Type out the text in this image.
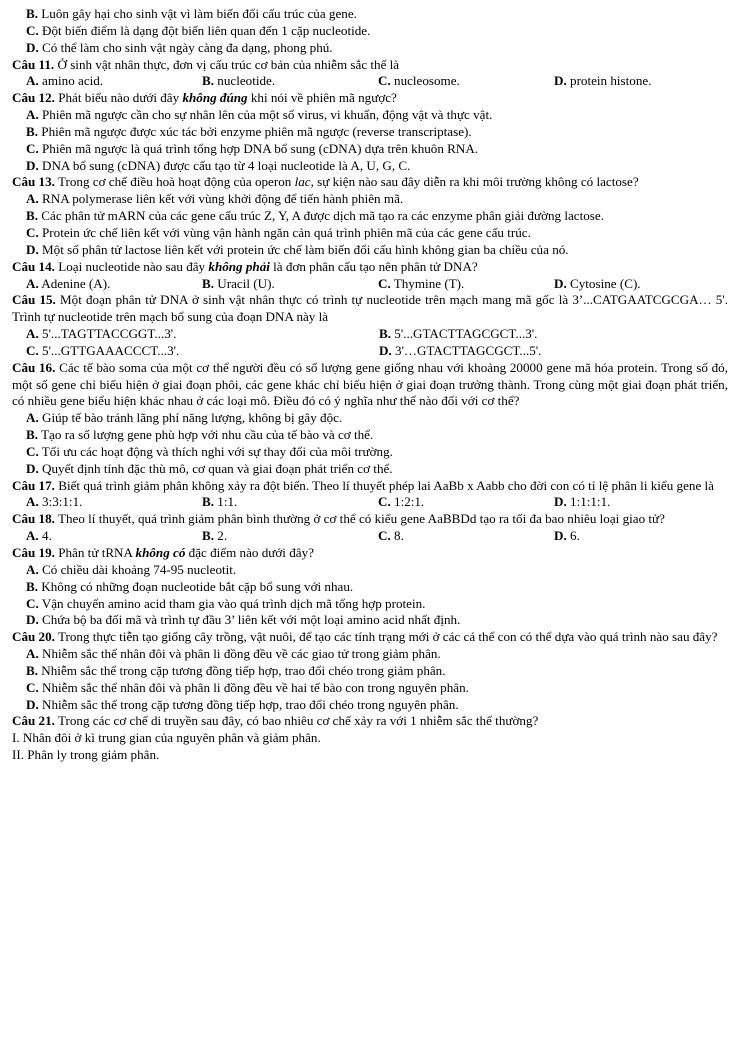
B. Luôn gây hại cho sinh vật vì làm biến đổi cấu trúc của gene.
C. Đột biến điểm là dạng đột biến liên quan đến 1 cặp nucleotide.
D. Có thể làm cho sinh vật ngày càng đa dạng, phong phú.
Câu 11. Ở sinh vật nhân thực, đơn vị cấu trúc cơ bản của nhiễm sắc thể là
A. amino acid.	B. nucleotide.	C. nucleosome.	D. protein histone.
Câu 12. Phát biểu nào dưới đây không đúng khi nói về phiên mã ngược?
A. Phiên mã ngược cần cho sự nhân lên của một số virus, vi khuẩn, động vật và thực vật.
B. Phiên mã ngược được xúc tác bởi enzyme phiên mã ngược (reverse transcriptase).
C. Phiên mã ngược là quá trình tổng hợp DNA bổ sung (cDNA) dựa trên khuôn RNA.
D. DNA bổ sung (cDNA) được cấu tạo từ 4 loại nucleotide là A, U, G, C.
Câu 13. Trong cơ chế điều hoà hoạt động của operon lac, sự kiện nào sau đây diễn ra khi môi trường không có lactose?
A. RNA polymerase liên kết với vùng khởi động để tiến hành phiên mã.
B. Các phân tử mARN của các gene cấu trúc Z, Y, A được dịch mã tạo ra các enzyme phân giải đường lactose.
C. Protein ức chế liên kết với vùng vận hành ngăn cản quá trình phiên mã của các gene cấu trúc.
D. Một số phân tử lactose liên kết với protein ức chế làm biến đổi cấu hình không gian ba chiều của nó.
Câu 14. Loại nucleotide nào sau đây không phải là đơn phân cấu tạo nên phân tử DNA?
A. Adenine (A).	B. Uracil (U).	C. Thymine (T).	D. Cytosine (C).
Câu 15. Một đoạn phân tử DNA ở sinh vật nhân thực có trình tự nucleotide trên mạch mang mã gốc là 3’...CATGAATCGCGA… 5'. Trình tự nucleotide trên mạch bổ sung của đoạn DNA này là
A. 5'...TAGTTACCGGT...3'.	B. 5'...GTACTTAGCGCT...3'.
C. 5'...GTTGAAACCCT...3'.	D. 3'…GTACTTAGCGCT...5'.
Câu 16. Các tế bào soma của một cơ thể người đều có số lượng gene giống nhau với khoảng 20000 gene mã hóa protein. Trong số đó, một số gene chỉ biểu hiện ở giai đoạn phôi, các gene khác chỉ biểu hiện ở giai đoạn trưởng thành. Trong cùng một giai đoạn phát triển, có nhiều gene biểu hiện khác nhau ở các loại mô. Điều đó có ý nghĩa như thế nào đối với cơ thể?
A. Giúp tế bào tránh lãng phí năng lượng, không bị gây độc.
B. Tạo ra số lượng gene phù hợp với nhu cầu của tế bào và cơ thể.
C. Tối ưu các hoạt động và thích nghi với sự thay đổi của môi trường.
D. Quyết định tính đặc thù mô, cơ quan và giai đoạn phát triển cơ thể.
Câu 17. Biết quá trình giảm phân không xảy ra đột biến. Theo lí thuyết phép lai AaBb x Aabb cho đời con có tỉ lệ phân li kiểu gene là
A. 3:3:1:1.	B. 1:1.	C. 1:2:1.	D. 1:1:1:1.
Câu 18. Theo lí thuyết, quá trình giảm phân bình thường ở cơ thể có kiểu gene AaBBDd tạo ra tối đa bao nhiêu loại giao tử?
A. 4.	B. 2.	C. 8.	D. 6.
Câu 19. Phân tử tRNA không có đặc điểm nào dưới đây?
A. Có chiều dài khoảng 74-95 nucleotit.
B. Không có những đoạn nucleotide bắt cặp bổ sung với nhau.
C. Vận chuyển amino acid tham gia vào quá trình dịch mã tổng hợp protein.
D. Chứa bộ ba đối mã và trình tự đầu 3’ liên kết với một loại amino acid nhất định.
Câu 20. Trong thực tiễn tạo giống cây trồng, vật nuôi, để tạo các tính trạng mới ở các cá thể con có thể dựa vào quá trình nào sau đây?
A. Nhiễm sắc thể nhân đôi và phân li đồng đều về các giao tử trong giảm phân.
B. Nhiễm sắc thể trong cặp tương đồng tiếp hợp, trao đổi chéo trong giảm phân.
C. Nhiễm sắc thể nhân đôi và phân li đồng đều về hai tế bào con trong nguyên phân.
D. Nhiễm sắc thể trong cặp tương đồng tiếp hợp, trao đổi chéo trong nguyên phân.
Câu 21. Trong các cơ chế di truyền sau đây, có bao nhiêu cơ chế xảy ra với 1 nhiễm sắc thể thường?
I. Nhân đôi ở kì trung gian của nguyên phân và giảm phân.
II. Phân ly trong giảm phân.
